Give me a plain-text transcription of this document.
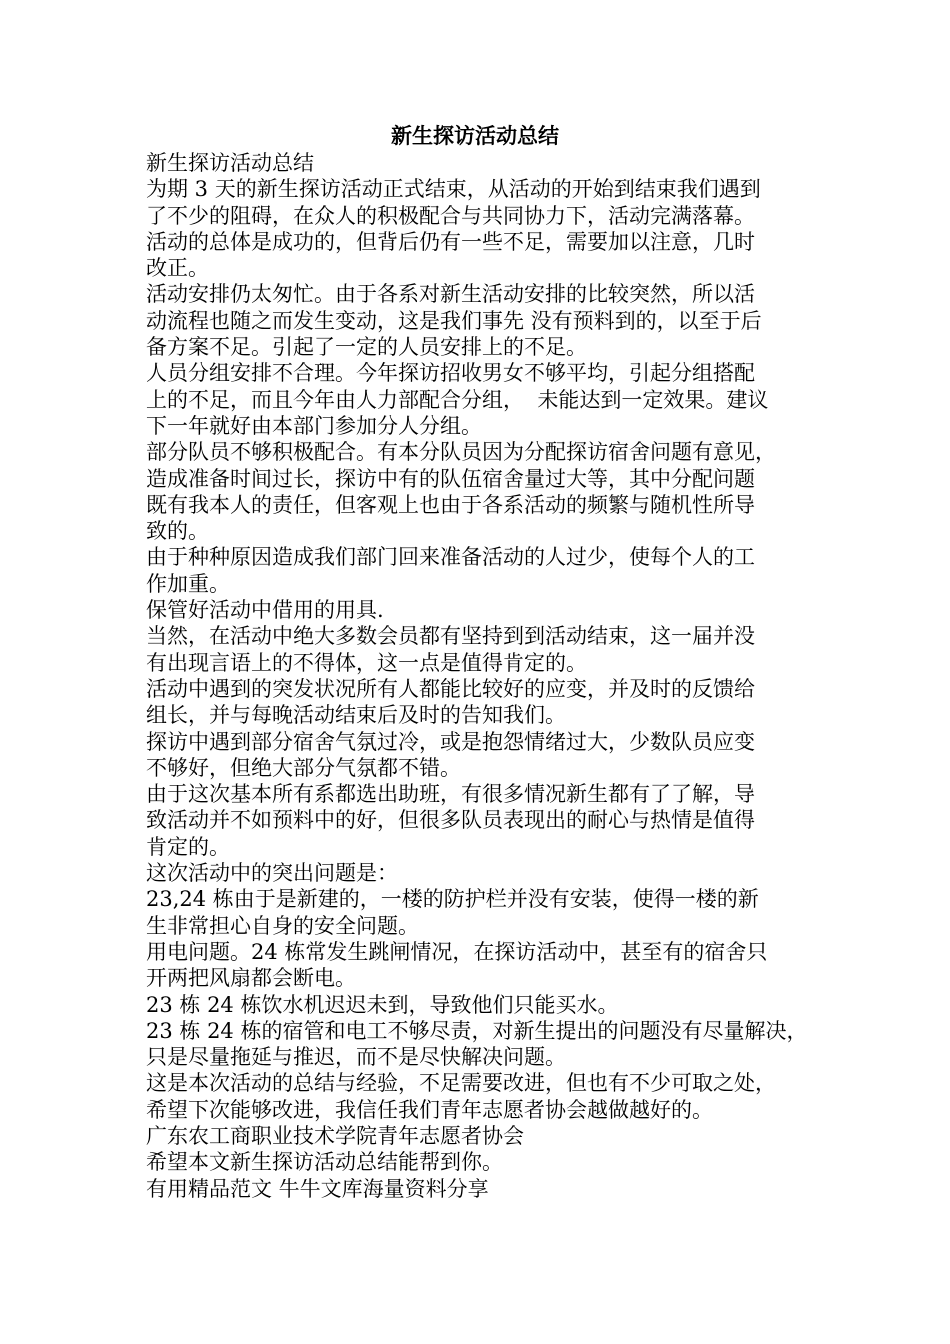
新生探访活动总结

新生探访活动总结

为期 3 天的新生探访活动正式结束，从活动的开始到结束我们遇到
了不少的阻碍，在众人的积极配合与共同协力下，活动完满落幕。

活动的总体是成功的，但背后仍有一些不足，需要加以注意，几时
改正。

活动安排仍太匆忙。由于各系对新生活动安排的比较突然，所以活
动流程也随之而发生变动，这是我们事先 没有预料到的，以至于后
备方案不足。引起了一定的人员安排上的不足。

人员分组安排不合理。今年探访招收男女不够平均，引起分组搭配
上的不足，而且今年由人力部配合分组，  未能达到一定效果。建议
下一年就好由本部门参加分人分组。

部分队员不够积极配合。有本分队员因为分配探访宿舍问题有意见，
造成准备时间过长，探访中有的队伍宿舍量过大等，其中分配问题
既有我本人的责任，但客观上也由于各系活动的频繁与随机性所导
致的。

由于种种原因造成我们部门回来准备活动的人过少，使每个人的工
作加重。

保管好活动中借用的用具.

当然，在活动中绝大多数会员都有坚持到到活动结束，这一届并没
有出现言语上的不得体，这一点是值得肯定的。

活动中遇到的突发状况所有人都能比较好的应变，并及时的反馈给
组长，并与每晚活动结束后及时的告知我们。

探访中遇到部分宿舍气氛过冷，或是抱怨情绪过大，少数队员应变
不够好，但绝大部分气氛都不错。

由于这次基本所有系都选出助班，有很多情况新生都有了了解，导
致活动并不如预料中的好，但很多队员表现出的耐心与热情是值得
肯定的。

这次活动中的突出问题是：

23,24 栋由于是新建的，一楼的防护栏并没有安装，使得一楼的新
生非常担心自身的安全问题。

用电问题。24 栋常发生跳闸情况，在探访活动中，甚至有的宿舍只
开两把风扇都会断电。

23 栋 24 栋饮水机迟迟未到，导致他们只能买水。

23 栋 24 栋的宿管和电工不够尽责，对新生提出的问题没有尽量解决，
只是尽量拖延与推迟，而不是尽快解决问题。

这是本次活动的总结与经验，不足需要改进，但也有不少可取之处，
希望下次能够改进，我信任我们青年志愿者协会越做越好的。

广东农工商职业技术学院青年志愿者协会

希望本文新生探访活动总结能帮到你。

有用精品范文 牛牛文库海量资料分享
